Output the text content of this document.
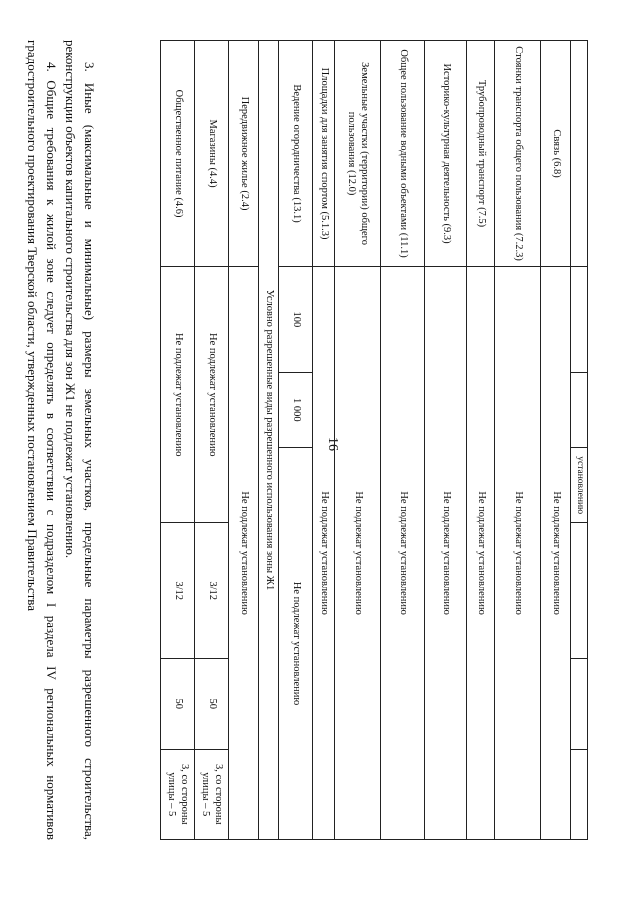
16
			установлению			
Связь (6.8)	Не подлежат установлению					
Стоянки транспорта общего пользования (7.2.3)	Не подлежат установлению					
Трубопроводный транспорт (7.5)	Не подлежат установлению					
Историко-культурная деятельность (9.3)	Не подлежат установлению					
Общее пользование водными объектами (11.1)	Не подлежат установлению					
Земельные участки (территории) общего пользования (12.0)	Не подлежат установлению					
Площадки для занятия спортом (5.1.3)	Не подлежат установлению					
Ведение огородничества (13.1)	100	1 000	Не подлежат установлению			
Условно разрешенные виды разрешенного использования зоны Ж1						
Передвижное жилье (2.4)	Не подлежат установлению					
Магазины (4.4)	Не подлежат установлению			3/12	50	3, со стороны улицы – 5
Общественное питание (4.6)	Не подлежат установлению			3/12	50	3, со стороны улицы – 5

3. Иные (максимальные и минимальные) размеры земельных участков, предельные параметры разрешенного строительства, реконструкции объектов капитального строительства для зон Ж1 не подлежат установлению.

4. Общие требования к жилой зоне следует определять в соответствии с подразделом I раздела IV региональных нормативов градостроительного проектирования Тверской области, утвержденных постановлением Правительства
